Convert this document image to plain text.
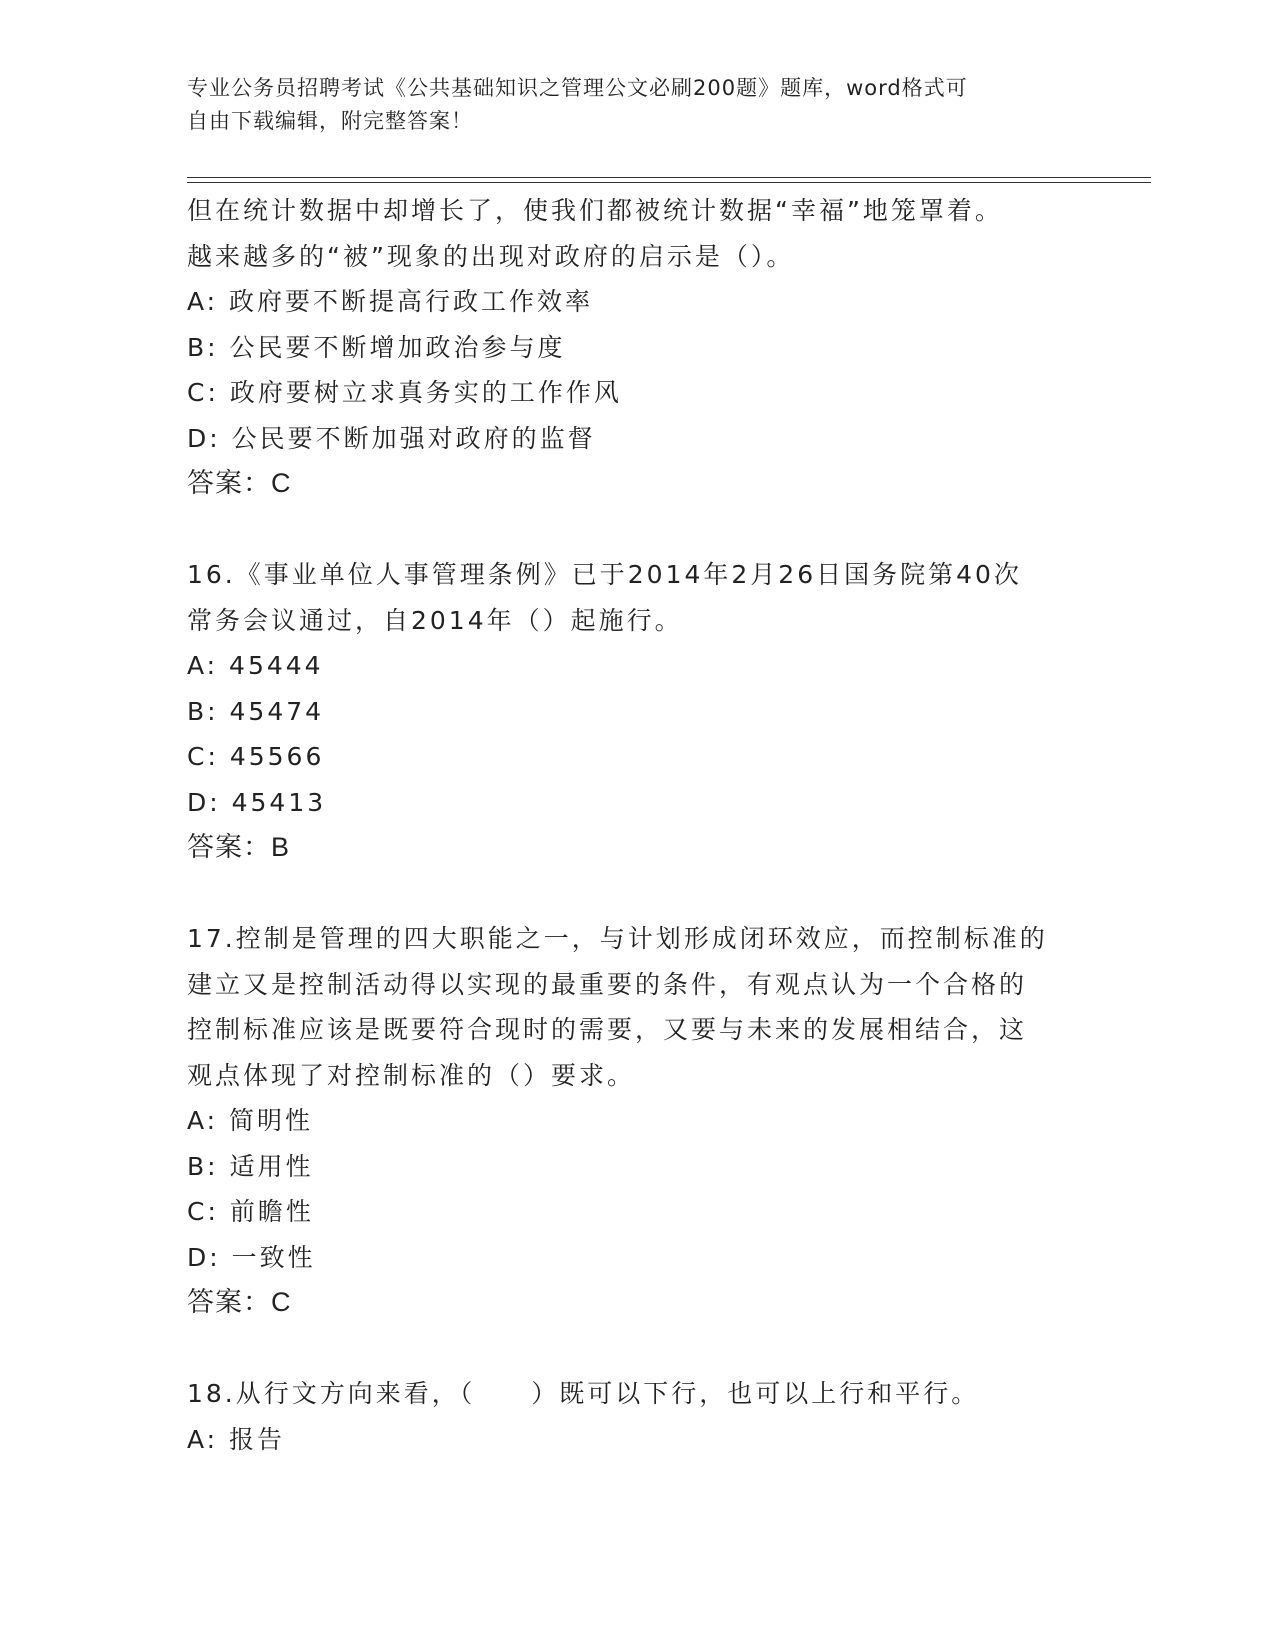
专业公务员招聘考试《公共基础知识之管理公文必刷200题》题库，word格式可
自由下载编辑，附完整答案！
但在统计数据中却增长了，使我们都被统计数据“幸福”地笼罩着。
越来越多的“被”现象的出现对政府的启示是（）。
A: 政府要不断提高行政工作效率
B: 公民要不断增加政治参与度
C: 政府要树立求真务实的工作作风
D: 公民要不断加强对政府的监督
答案：C
16.《事业单位人事管理条例》已于2014年2月26日国务院第40次
常务会议通过，自2014年（）起施行。
A: 45444
B: 45474
C: 45566
D: 45413
答案：B
17.控制是管理的四大职能之一，与计划形成闭环效应，而控制标准的
建立又是控制活动得以实现的最重要的条件，有观点认为一个合格的
控制标准应该是既要符合现时的需要，又要与未来的发展相结合，这
观点体现了对控制标准的（）要求。
A: 简明性
B: 适用性
C: 前瞻性
D: 一致性
答案：C
18.从行文方向来看，（　　）既可以下行，也可以上行和平行。
A: 报告
